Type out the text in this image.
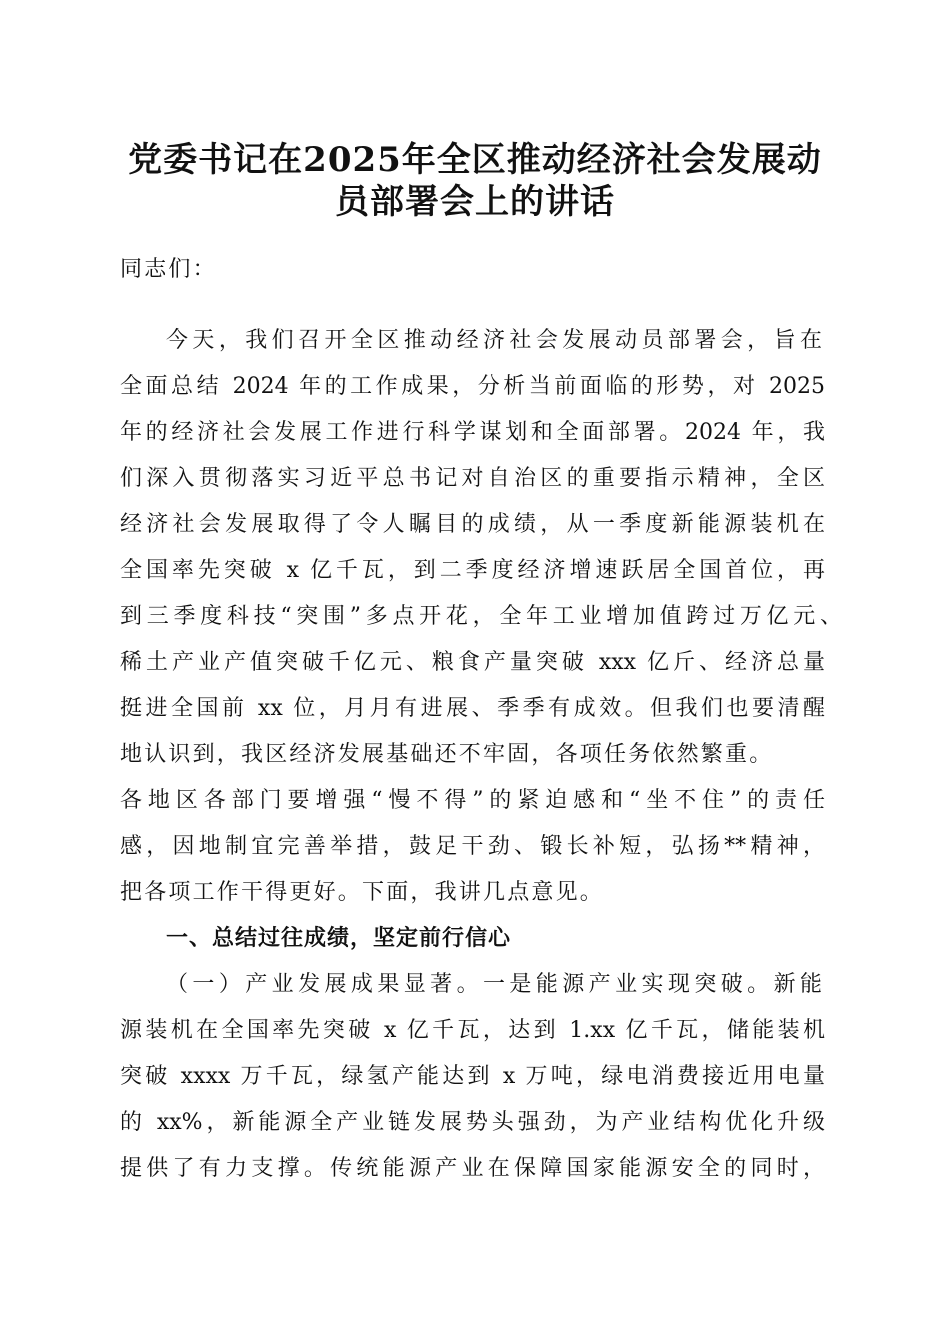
党委书记在2025年全区推动经济社会发展动
员部署会上的讲话
同志们：
今天，我们召开全区推动经济社会发展动员部署会，旨在
全面总结 2024 年的工作成果，分析当前面临的形势，对 2025
年的经济社会发展工作进行科学谋划和全面部署。2024 年，我
们深入贯彻落实习近平总书记对自治区的重要指示精神，全区
经济社会发展取得了令人瞩目的成绩，从一季度新能源装机在
全国率先突破 x 亿千瓦，到二季度经济增速跃居全国首位，再
到三季度科技“突围”多点开花，全年工业增加值跨过万亿元、
稀土产业产值突破千亿元、粮食产量突破 xxx 亿斤、经济总量
挺进全国前 xx 位，月月有进展、季季有成效。但我们也要清醒
地认识到，我区经济发展基础还不牢固，各项任务依然繁重。
各地区各部门要增强“慢不得”的紧迫感和“坐不住”的责任
感，因地制宜完善举措，鼓足干劲、锻长补短，弘扬**精神，
把各项工作干得更好。下面，我讲几点意见。
一、总结过往成绩，坚定前行信心
（一）产业发展成果显著。一是能源产业实现突破。新能
源装机在全国率先突破 x 亿千瓦，达到 1.xx 亿千瓦，储能装机
突破 xxxx 万千瓦，绿氢产能达到 x 万吨，绿电消费接近用电量
的 xx%，新能源全产业链发展势头强劲，为产业结构优化升级
提供了有力支撑。传统能源产业在保障国家能源安全的同时，
